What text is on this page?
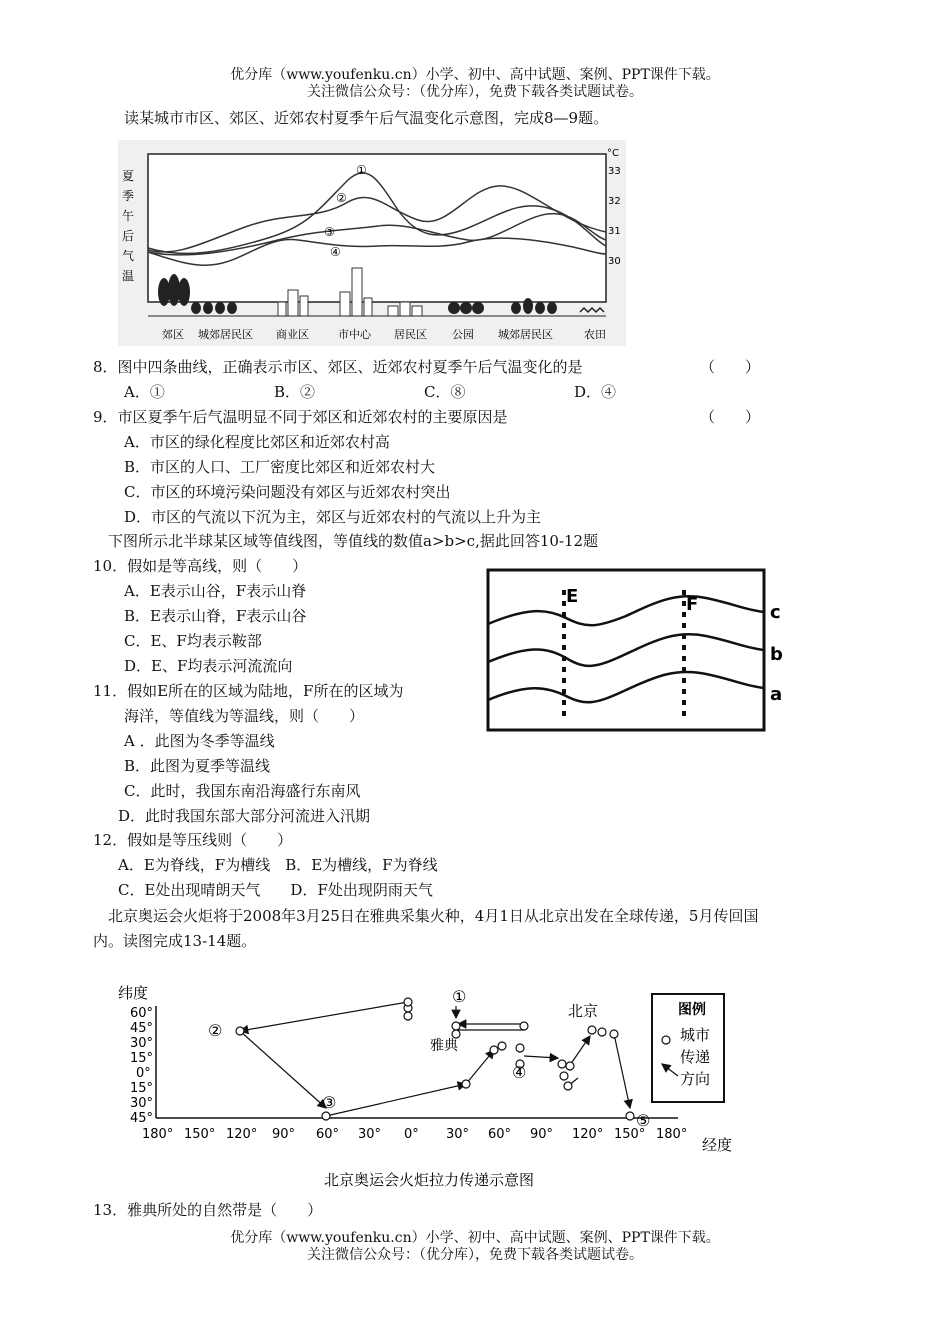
优分库（www.youfenku.cn）小学、初中、高中试题、案例、PPT课件下载。
关注微信公众号：（优分库），免费下载各类试题试卷。
读某城市市区、郊区、近郊农村夏季午后气温变化示意图，完成8—9题。
夏
季
午
后
气
温
°C
33
32
31
30
①
②
③
④
郊区 城郊居民区 商业区	市中心 居民区 公园 城郊居民区	农田
8．图中四条曲线，正确表示市区、郊区、近郊农村夏季午后气温变化的是	（　　）
A．①	B．②	C．⑧	D．④
9．市区夏季午后气温明显不同于郊区和近郊农村的主要原因是	（　　）
A．市区的绿化程度比郊区和近郊农村高
B．市区的人口、工厂密度比郊区和近郊农村大
C．市区的环境污染问题没有郊区与近郊农村突出
D．市区的气流以下沉为主，郊区与近郊农村的气流以上升为主
下图所示北半球某区域等值线图，等值线的数值a>b>c,据此回答10-12题
E	F	c
b
a
10．假如是等高线，则（　　）
A．E表示山谷，F表示山脊
B．E表示山脊，F表示山谷
C．E、F均表示鞍部
D．E、F均表示河流流向
11．假如E所在的区域为陆地，F所在的区域为
海洋，等值线为等温线，则（　　）
A ．此图为冬季等温线
B．此图为夏季等温线
C．此时，我国东南沿海盛行东南风
D．此时我国东部大部分河流进入汛期
12．假如是等压线则（　　）
A．E为脊线，F为槽线　B．E为槽线，F为脊线
C．E处出现晴朗天气　　D．F处出现阴雨天气
北京奥运会火炬将于2008年3月25日在雅典采集火种，4月1日从北京出发在全球传递，5月传回国
内。读图完成13-14题。
纬度
60°
45°
30°
15°
0°
15°
30°
45°
180° 150° 120° 90° 60° 30° 0° 30° 60° 90° 120° 150° 180°
经度
①
②
③
④
⑤
北京
雅典
图例
城市
传递
方向
北京奥运会火炬拉力传递示意图
13．雅典所处的自然带是（　　）
优分库（www.youfenku.cn）小学、初中、高中试题、案例、PPT课件下载。
关注微信公众号：（优分库），免费下载各类试题试卷。
